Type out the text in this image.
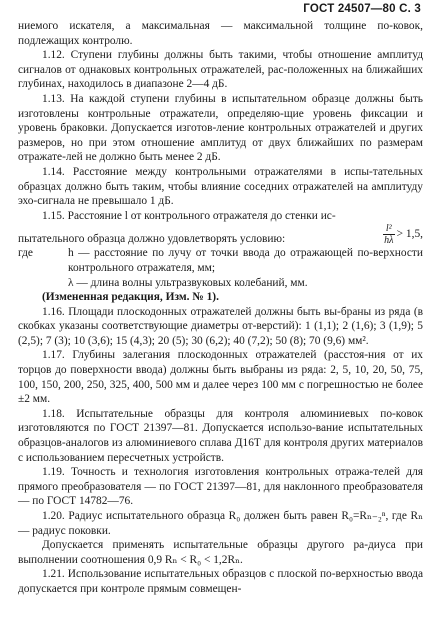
ГОСТ 24507—80 С. 3

ниемого искателя, а максимальная — максимальной толщине по-ковок, подлежащих контролю.

1.12. Ступени глубины должны быть такими, чтобы отношение амплитуд сигналов от однаковых контрольных отражателей, рас-положенных на ближайших глубинах, находилось в диапазоне 2—4 дБ.

1.13. На каждой ступени глубины в испытательном образце должны быть изготовлены контрольные отражатели, определяю-щие уровень фиксации и уровень браковки. Допускается изготов-ление контрольных отражателей и других размеров, но при этом отношение амплитуд от двух ближайших по размерам отражате-лей не должно быть менее 2 дБ.

1.14. Расстояние между контрольными отражателями в испы-тательных образцах должно быть таким, чтобы влияние соседних отражателей на амплитуду эхо-сигнала не превышало 1 дБ.

1.15. Расстояние l от контрольного отражателя до стенки ис-

пытательного образца должно удовлетворять условию:	$\frac{\text{l²}}{h\lambda} > 1,5$,

где	h — расстояние по лучу от точки ввода до отражающей по-верхности контрольного отражателя, мм;

λ — длина волны ультразвуковых колебаний, мм.

(Измененная редакция, Изм. № 1).

1.16. Площади плоскодонных отражателей должны быть вы-браны из ряда (в скобках указаны соответствующие диаметры от-верстий): 1 (1,1); 2 (1,6); 3 (1,9); 5 (2,5); 7 (3); 10 (3,6); 15 (4,3); 20 (5); 30 (6,2); 40 (7,2); 50 (8); 70 (9,6) мм².

1.17. Глубины залегания плоскодонных отражателей (расстоя-ния от их торцов до поверхности ввода) должны быть выбраны из ряда: 2, 5, 10, 20, 50, 75, 100, 150, 200, 250, 325, 400, 500 мм и далее через 100 мм с погрешностью не более ±2 мм.

1.18. Испытательные образцы для контроля алюминиевых по-ковок изготовляются по ГОСТ 21397—81. Допускается использо-вание испытательных образцов-аналогов из алюминиевого сплава Д16Т для контроля других материалов с использованием пересчетных устройств.

1.19. Точность и технология изготовления контрольных отража-телей для прямого преобразователя — по ГОСТ 21397—81, для наклонного преобразователя — по ГОСТ 14782—76.

1.20. Радиус испытательного образца R₀ должен быть равен R₀=Rₙ₋₂ⁿ, где Rₙ — радиус поковки.

Допускается применять испытательные образцы другого ра-диуса при выполнении соотношения 0,9 Rₙ < R₀ < 1,2Rₙ.

1.21. Использование испытательных образцов с плоской по-верхностью ввода допускается при контроле прямым совмещен-
